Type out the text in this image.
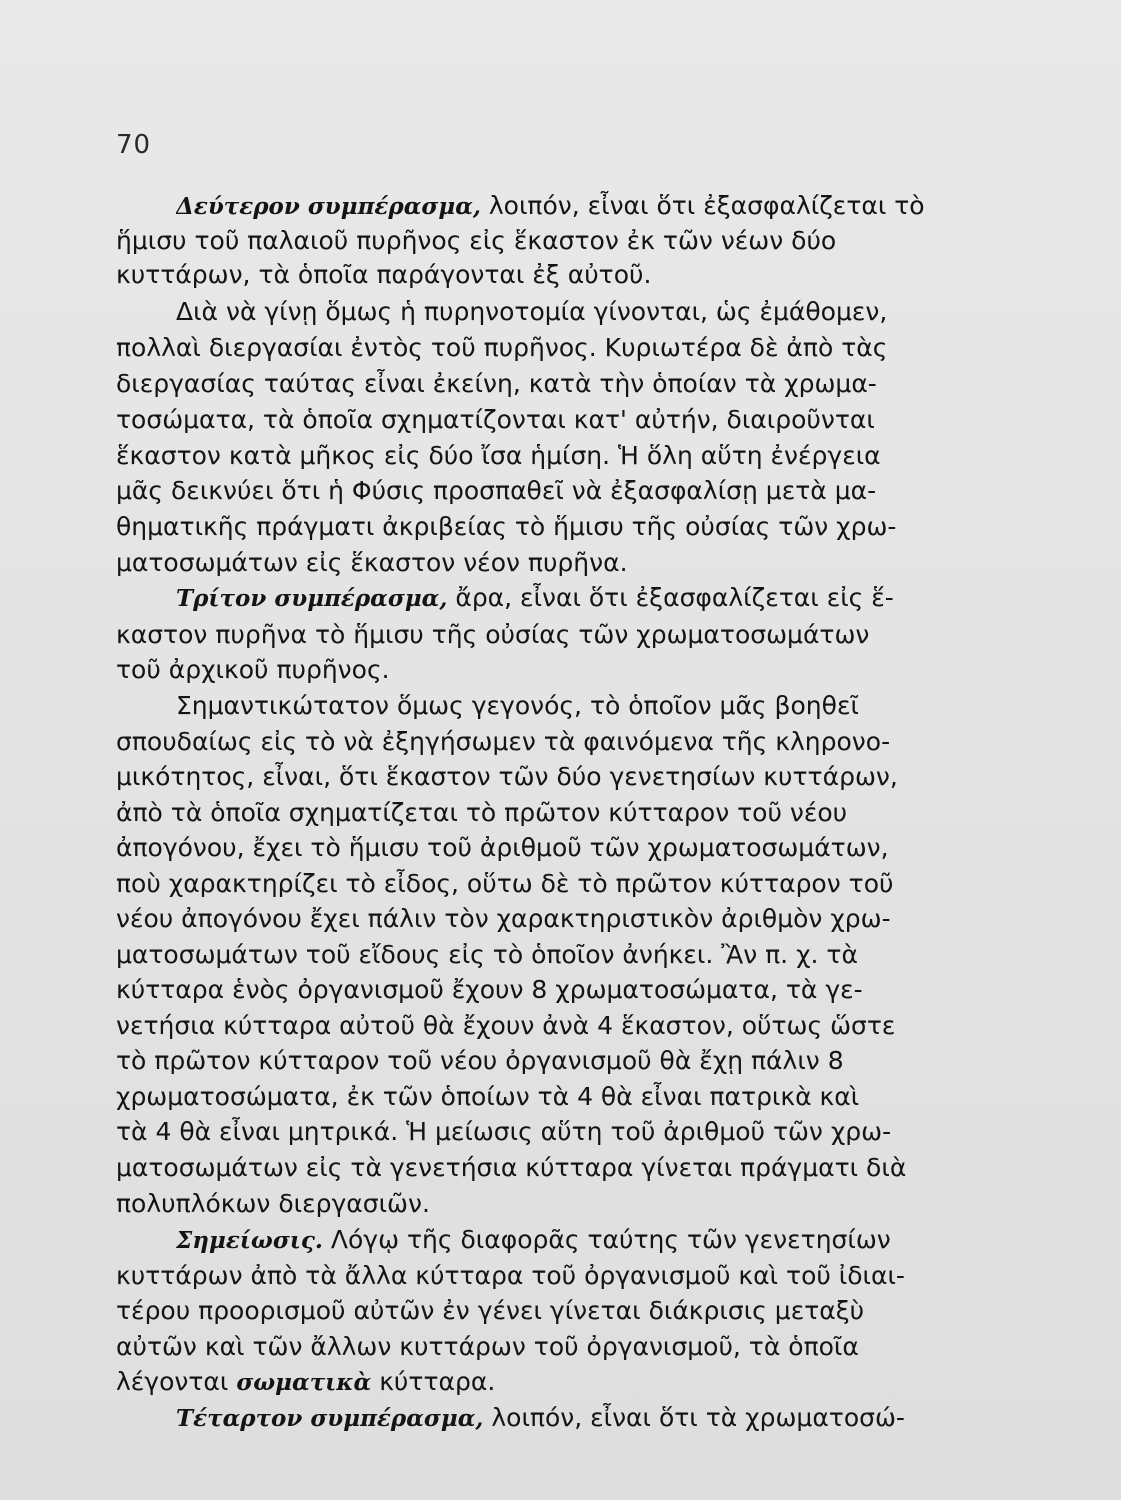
70
Δεύτερον συμπέρασμα, λοιπόν, εἶναι ὅτι ἐξασφαλίζεται τὸ
ἥμισυ τοῦ παλαιοῦ πυρῆνος εἰς ἕκαστον ἐκ τῶν νέων δύο
κυττάρων, τὰ ὁποῖα παράγονται ἐξ αὐτοῦ.
Διὰ νὰ γίνῃ ὅμως ἡ πυρηνοτομία γίνονται, ὡς ἐμάθομεν,
πολλαὶ διεργασίαι ἐντὸς τοῦ πυρῆνος. Κυριωτέρα δὲ ἀπὸ τὰς
διεργασίας ταύτας εἶναι ἐκείνη, κατὰ τὴν ὁποίαν τὰ χρωμα-
τοσώματα, τὰ ὁποῖα σχηματίζονται κατ' αὐτήν, διαιροῦνται
ἕκαστον κατὰ μῆκος εἰς δύο ἴσα ἡμίση. Ἡ ὅλη αὕτη ἐνέργεια
μᾶς δεικνύει ὅτι ἡ Φύσις προσπαθεῖ νὰ ἐξασφαλίσῃ μετὰ μα-
θηματικῆς πράγματι ἀκριβείας τὸ ἥμισυ τῆς οὐσίας τῶν χρω-
ματοσωμάτων εἰς ἕκαστον νέον πυρῆνα.
Τρίτον συμπέρασμα, ἄρα, εἶναι ὅτι ἐξασφαλίζεται εἰς ἕ-
καστον πυρῆνα τὸ ἥμισυ τῆς οὐσίας τῶν χρωματοσωμάτων
τοῦ ἀρχικοῦ πυρῆνος.
Σημαντικώτατον ὅμως γεγονός, τὸ ὁποῖον μᾶς βοηθεῖ
σπουδαίως εἰς τὸ νὰ ἐξηγήσωμεν τὰ φαινόμενα τῆς κληρονο-
μικότητος, εἶναι, ὅτι ἕκαστον τῶν δύο γενετησίων κυττάρων,
ἀπὸ τὰ ὁποῖα σχηματίζεται τὸ πρῶτον κύτταρον τοῦ νέου
ἀπογόνου, ἔχει τὸ ἥμισυ τοῦ ἀριθμοῦ τῶν χρωματοσωμάτων,
ποὺ χαρακτηρίζει τὸ εἶδος, οὕτω δὲ τὸ πρῶτον κύτταρον τοῦ
νέου ἀπογόνου ἔχει πάλιν τὸν χαρακτηριστικὸν ἀριθμὸν χρω-
ματοσωμάτων τοῦ εἴδους εἰς τὸ ὁποῖον ἀνήκει. Ἂν π. χ. τὰ
κύτταρα ἑνὸς ὀργανισμοῦ ἔχουν 8 χρωματοσώματα, τὰ γε-
νετήσια κύτταρα αὐτοῦ θὰ ἔχουν ἀνὰ 4 ἕκαστον, οὕτως ὥστε
τὸ πρῶτον κύτταρον τοῦ νέου ὀργανισμοῦ θὰ ἔχῃ πάλιν 8
χρωματοσώματα, ἐκ τῶν ὁποίων τὰ 4 θὰ εἶναι πατρικὰ καὶ
τὰ 4 θὰ εἶναι μητρικά. Ἡ μείωσις αὕτη τοῦ ἀριθμοῦ τῶν χρω-
ματοσωμάτων εἰς τὰ γενετήσια κύτταρα γίνεται πράγματι διὰ
πολυπλόκων διεργασιῶν.
Σημείωσις. Λόγῳ τῆς διαφορᾶς ταύτης τῶν γενετησίων
κυττάρων ἀπὸ τὰ ἄλλα κύτταρα τοῦ ὀργανισμοῦ καὶ τοῦ ἰδιαι-
τέρου προορισμοῦ αὐτῶν ἐν γένει γίνεται διάκρισις μεταξὺ
αὐτῶν καὶ τῶν ἄλλων κυττάρων τοῦ ὀργανισμοῦ, τὰ ὁποῖα
λέγονται σωματικὰ κύτταρα.
Τέταρτον συμπέρασμα, λοιπόν, εἶναι ὅτι τὰ χρωματοσώ-
